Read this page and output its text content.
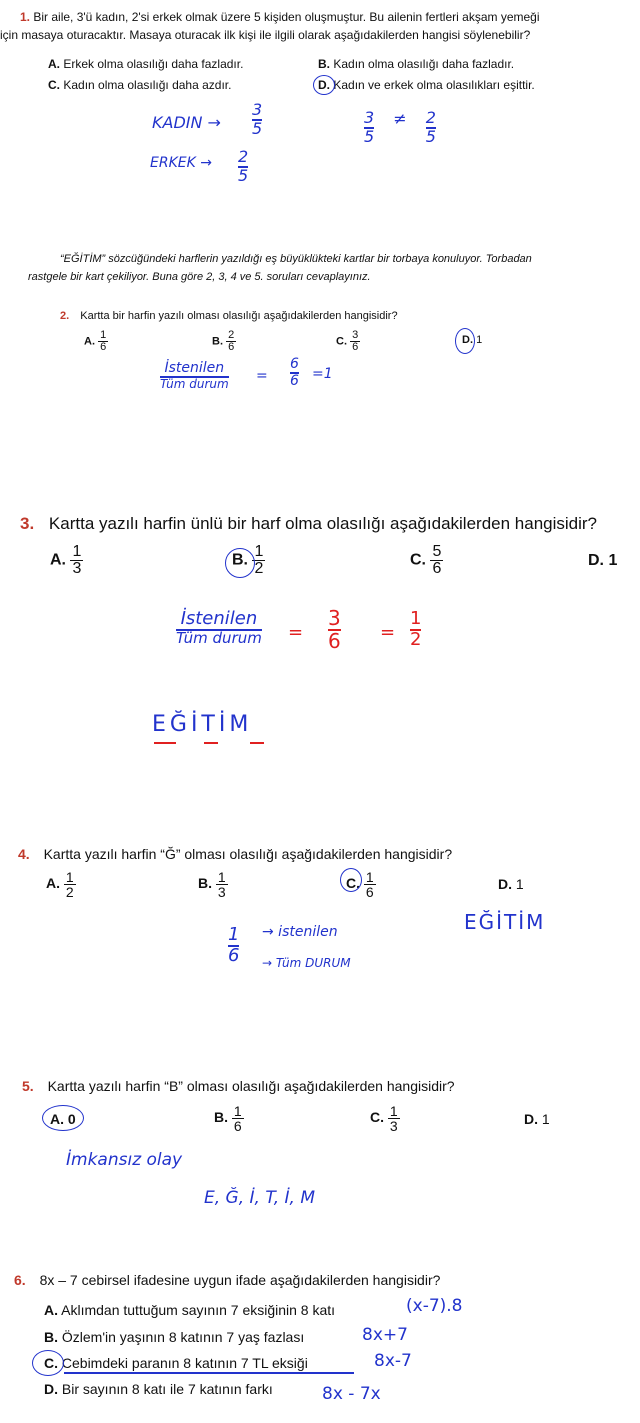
1. Bir aile, 3'ü kadın, 2'si erkek olmak üzere 5 kişiden oluşmuştur. Bu ailenin fertleri akşam yemeği
için masaya oturacaktır. Masaya oturacak ilk kişi ile ilgili olarak aşağıdakilerden hangisi söylenebilir?
A. Erkek olma olasılığı daha fazladır.	B. Kadın olma olasılığı daha fazladır.
C. Kadın olma olasılığı daha azdır.	D. Kadın ve erkek olma olasılıkları eşittir.
KADIN → $\frac{3}{5}$
ERKEK → $\frac{2}{5}$
$\frac{3}{5} \ne \frac{2}{5}$
“EĞİTİM” sözcüğündeki harflerin yazıldığı eş büyüklükteki kartlar bir torbaya konuluyor. Torbadan
rastgele bir kart çekiliyor. Buna göre 2, 3, 4 ve 5. soruları cevaplayınız.
2. Kartta bir harfin yazılı olması olasılığı aşağıdakilerden hangisidir?
A. $\frac{1}{6}$	B. $\frac{2}{6}$	C. $\frac{3}{6}$	D. 1
İstenilen
Tüm durum = $\frac{6}{6} =1$
3. Kartta yazılı harfin ünlü bir harf olma olasılığı aşağıdakilerden hangisidir?
A. $\frac{1}{3}$	B. $\frac{1}{2}$	C. $\frac{5}{6}$	D. 1
İstenilen
Tüm durum = $\frac{3}{6} = \frac{1}{2}$
EĞİTİM
4. Kartta yazılı harfin “Ğ” olması olasılığı aşağıdakilerden hangisidir?
A. $\frac{1}{2}$	B. $\frac{1}{3}$	C. $\frac{1}{6}$	D. 1
$\frac{1}{6}$ → istenilen
→ Tüm DURUM
EĞİTİM
5. Kartta yazılı harfin “B” olması olasılığı aşağıdakilerden hangisidir?
A. 0	B. $\frac{1}{6}$	C. $\frac{1}{3}$	D. 1
İmkansız olay
E, Ğ, İ, T, İ, M
6. 8x – 7 cebirsel ifadesine uygun ifade aşağıdakilerden hangisidir?
A. Aklımdan tuttuğum sayının 7 eksiğinin 8 katı	(x-7).8
B. Özlem'in yaşının 8 katının 7 yaş fazlası	8x+7
C. Cebimdeki paranın 8 katının 7 TL eksiği	8x-7
D. Bir sayının 8 katı ile 7 katının farkı	8x - 7x
